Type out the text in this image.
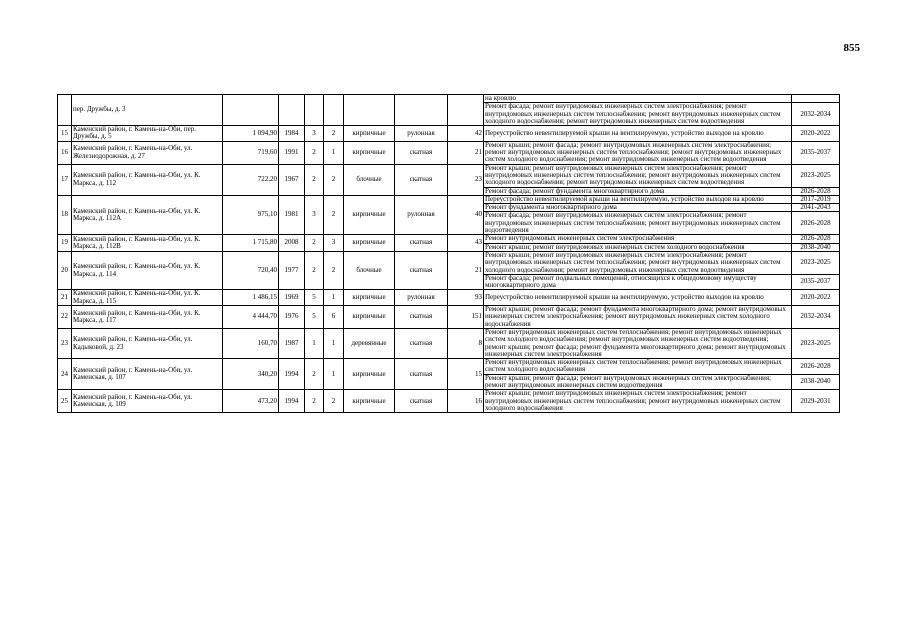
855
	пер. Дружбы, д. 3								на кровлю	
									Ремонт фасада; ремонт внутридомовых инженерных систем электроснабжения; ремонт внутридомовых инженерных систем теплоснабжения; ремонт внутридомовых инженерных систем холодного водоснабжения; ремонт внутридомовых инженерных систем водоотведения	2032-2034
15	Каменский район, г. Камень-на-Оби, пер. Дружбы, д. 5	1 094,90	1984	3	2	кирпичные	рулонная	42	Переустройство невентилируемой крыши на вентилируемую, устройство выходов на кровлю	2020-2022
16	Каменский район, г. Камень-на-Оби, ул. Железнодорожная, д. 27	719,60	1991	2	1	кирпичные	скатная	21	Ремонт крыши; ремонт фасада; ремонт внутридомовых инженерных систем электроснабжения; ремонт внутридомовых инженерных систем теплоснабжения; ремонт внутридомовых инженерных систем холодного водоснабжения; ремонт внутридомовых инженерных систем водоотведения	2035-2037
17	Каменский район, г. Камень-на-Оби, ул. К. Маркса, д. 112	722,20	1967	2	2	блочные	скатная	23	Ремонт крыши; ремонт внутридомовых инженерных систем электроснабжения; ремонт внутридомовых инженерных систем теплоснабжения; ремонт внутридомовых инженерных систем холодного водоснабжения; ремонт внутридомовых инженерных систем водоотведения	2023-2025
									Ремонт фасада; ремонт фундамента многоквартирного дома	2026-2028
18	Каменский район, г. Камень-на-Оби, ул. К. Маркса, д. 112А	975,10	1981	3	2	кирпичные	рулонная	40	Переустройство невентилируемой крыши на вентилируемую, устройство выходов на кровлю	2017-2019
									Ремонт фундамента многоквартирного дома	2041-2043
									Ремонт фасада; ремонт внутридомовых инженерных систем электроснабжения; ремонт внутридомовых инженерных систем теплоснабжения; ремонт внутридомовых инженерных систем водоотведения	2026-2028
19	Каменский район, г. Камень-на-Оби, ул. К. Маркса, д. 112В	1 715,80	2008	2	3	кирпичные	скатная	43	Ремонт внутридомовых инженерных систем электроснабжения	2026-2028
									Ремонт крыши; ремонт внутридомовых инженерных систем холодного водоснабжения	2038-2040
20	Каменский район, г. Камень-на-Оби, ул. К. Маркса, д. 114	720,40	1977	2	2	блочные	скатная	21	Ремонт крыши; ремонт внутридомовых инженерных систем электроснабжения; ремонт внутридомовых инженерных систем теплоснабжения; ремонт внутридомовых инженерных систем холодного водоснабжения; ремонт внутридомовых инженерных систем водоотведения	2023-2025
									Ремонт фасада; ремонт подвальных помещений, относящихся к общедомовому имуществу многоквартирного дома	2035-2037
21	Каменский район, г. Камень-на-Оби, ул. К. Маркса, д. 115	1 486,15	1969	5	1	кирпичные	рулонная	93	Переустройство невентилируемой крыши на вентилируемую, устройство выходов на кровлю	2020-2022
22	Каменский район, г. Камень-на-Оби, ул. К. Маркса, д. 117	4 444,70	1976	5	6	кирпичные	скатная	151	Ремонт крыши; ремонт фасада; ремонт фундамента многоквартирного дома; ремонт внутридомовых инженерных систем электроснабжения; ремонт внутридомовых инженерных систем холодного водоснабжения	2032-2034
23	Каменский район, г. Камень-на-Оби, ул. Кадыковой, д. 23	160,70	1987	1	1	деревянные	скатная	8	Ремонт внутридомовых инженерных систем теплоснабжения; ремонт внутридомовых инженерных систем холодного водоснабжения; ремонт внутридомовых инженерных систем водоотведения; ремонт крыши; ремонт фасада; ремонт фундамента многоквартирного дома; ремонт внутридомовых инженерных систем электроснабжения	2023-2025
24	Каменский район, г. Камень-на-Оби, ул. Каменская, д. 107	340,20	1994	2	1	кирпичные	скатная	15	Ремонт внутридомовых инженерных систем теплоснабжения; ремонт внутридомовых инженерных систем холодного водоснабжения	2026-2028
									Ремонт крыши; ремонт фасада; ремонт внутридомовых инженерных систем электроснабжения; ремонт внутридомовых инженерных систем водоотведения	2038-2040
25	Каменский район, г. Камень-на-Оби, ул. Каменская, д. 109	473,20	1994	2	2	кирпичные	скатная	16	Ремонт крыши; ремонт внутридомовых инженерных систем электроснабжения; ремонт внутридомовых инженерных систем теплоснабжения; ремонт внутридомовых инженерных систем холодного водоснабжения	2029-2031
